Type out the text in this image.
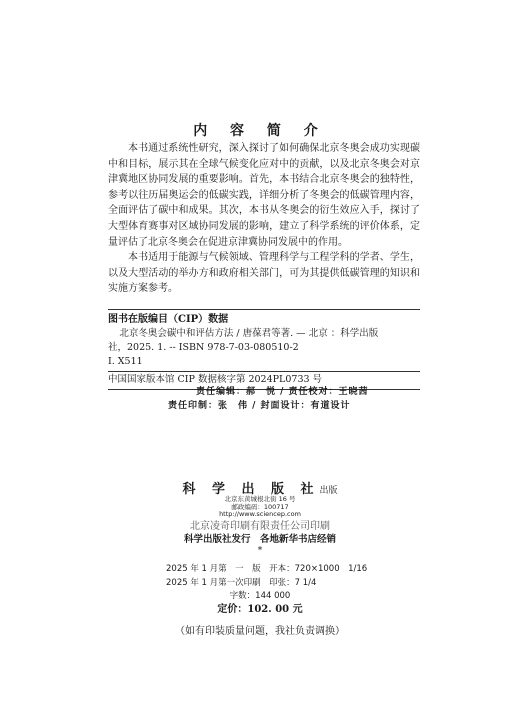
内 容 简 介

本书通过系统性研究，深入探讨了如何确保北京冬奥会成功实现碳中和目标，展示其在全球气候变化应对中的贡献，以及北京冬奥会对京津冀地区协同发展的重要影响。首先，本书结合北京冬奥会的独特性，参考以往历届奥运会的低碳实践，详细分析了冬奥会的低碳管理内容，全面评估了碳中和成果。其次，本书从冬奥会的衍生效应入手，探讨了大型体育赛事对区域协同发展的影响，建立了科学系统的评价体系，定量评估了北京冬奥会在促进京津冀协同发展中的作用。

本书适用于能源与气候领域、管理科学与工程学科的学者、学生，以及大型活动的举办方和政府相关部门，可为其提供低碳管理的知识和实施方案参考。

图书在版编目（CIP）数据
北京冬奥会碳中和评估方法 / 唐葆君等著. — 北京 ：科学出版
社，2025. 1. -- ISBN 978-7-03-080510-2
Ⅰ. X511
中国国家版本馆 CIP 数据核字第 2024PL0733 号
责任编辑：郝　悦 / 责任校对：王晓茜
责任印制：张　伟 / 封面设计：有道设计
科 学 出 版 社出版
北京东黄城根北街 16 号
邮政编码：100717
http://www.sciencep.com
北京凌奇印刷有限责任公司印刷
科学出版社发行　各地新华书店经销
*
2025 年 1 月第　一　版　开本：720×1000　1/16
2025 年 1 月第一次印刷　印张：7 1/4
字数：144 000
定价：102. 00 元
（如有印装质量问题，我社负责调换）
